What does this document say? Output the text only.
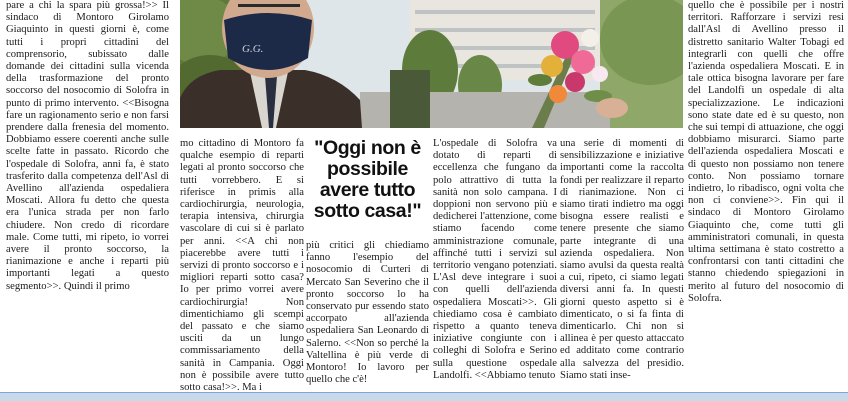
pare a chi la spara più grossa!>> Il sindaco di Montoro Girolamo Giaquinto in questi giorni è, come tutti i propri cittadini del comprensorio, subissato dalle domande dei cittadini sulla vicenda della trasformazione del pronto soccorso del nosocomio di Solofra in punto di primo intervento. <<Bisogna fare un ragionamento serio e non farsi prendere dalla frenesia del momento. Dobbiamo essere coerenti anche sulle scelte fatte in passato. Ricordo che l'ospedale di Solofra, anni fa, è stato trasferito dalla competenza dell'Asl di Avellino all'azienda ospedaliera Moscati. Allora fu detto che questa era l'unica strada per non farlo chiudere. Non credo di ricordare male. Come tutti, mi ripeto, io vorrei avere il pronto soccorso, la rianimazione e anche i reparti più importanti legati a questo segmento>>. Quindi il primo

G.G.

mo cittadino di Montoro fa qualche esempio di reparti legati al pronto soccorso che tutti vorrebbero. E si riferisce in primis alla cardiochirurgia, neurologia, terapia intensiva, chirurgia vascolare di cui si è parlato per anni. <<A chi non piacerebbe avere tutti i servizi di pronto soccorso e i migliori reparti sotto casa? Io per primo vorrei avere cardiochirurgia! Non dimentichiamo gli scempi del passato e che siamo usciti da un lungo commissariamento della sanità in Campania. Oggi non è possibile avere tutto sotto casa!>>. Ma i

"Oggi non è possibile avere tutto sotto casa!"

più critici gli chiediamo fanno l'esempio del nosocomio di Curteri di Mercato San Severino che il pronto soccorso lo ha conservato pur essendo stato accorpato all'azienda ospedaliera San Leonardo di Salerno. <<Non so perché la Valtellina è più verde di Montoro! Io lavoro per quello che c'è!

L'ospedale di Solofra va dotato di reparti di eccellenza che fungano da polo attrattivo di tutta la sanità non solo campana. I doppioni non servono più e dedicherei l'attenzione, come stiamo facendo come amministrazione comunale, affinché tutti i servizi sul territorio vengano potenziati. L'Asl deve integrare i suoi con quelli dell'azienda ospedaliera Moscati>>. Gli chiediamo cosa è cambiato rispetto a quanto teneva iniziative congiunte con i colleghi di Solofra e Serino sulla questione ospedale Landolfi. <<Abbiamo tenuto

una serie di momenti di sensibilizzazione e iniziative importanti come la raccolta fondi per realizzare il reparto di rianimazione. Non ci siamo tirati indietro ma oggi bisogna essere realisti e tenere presente che siamo parte integrante di una azienda ospedaliera. Non siamo avulsi da questa realtà a cui, ripeto, ci siamo legati diversi anni fa. In questi giorni questo aspetto si è dimenticato, o si fa finta di dimenticarlo. Chi non si allinea è per questo attaccato ed additato come contrario alla salvezza del presidio. Siamo stati inse-

quello che è possibile per i nostri territori. Rafforzare i servizi resi dall'Asl di Avellino presso il distretto sanitario Walter Tobagi ed integrarli con quelli che offre l'azienda ospedaliera Moscati. E in tale ottica bisogna lavorare per fare del Landolfi un ospedale di alta specializzazione. Le indicazioni sono state date ed è su questo, non che sui tempi di attuazione, che oggi dobbiamo misurarci. Siamo parte dell'azienda ospedaliera Moscati e di questo non possiamo non tenere conto. Non possiamo tornare indietro, lo ribadisco, ogni volta che non ci conviene>>. Fin qui il sindaco di Montoro Girolamo Giaquinto che, come tutti gli amministratori comunali, in questa ultima settimana è stato costretto a confrontarsi con tanti cittadini che stanno chiedendo spiegazioni in merito al futuro del nosocomio di Solofra.
